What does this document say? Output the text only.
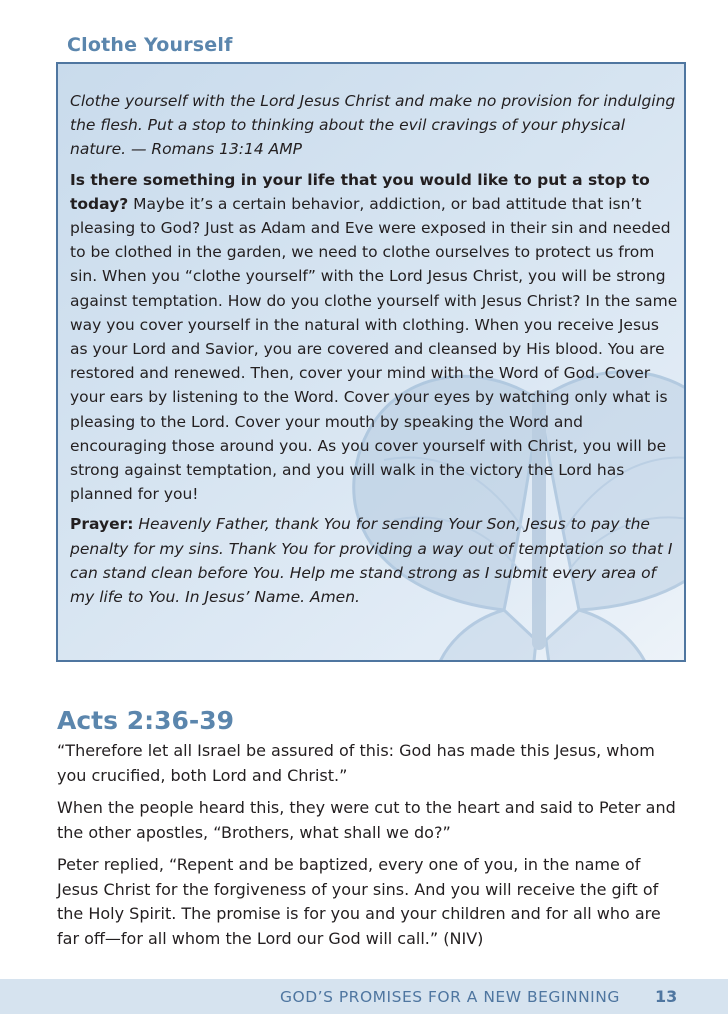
Clothe Yourself

Clothe yourself with the Lord Jesus Christ and make no provision for indulging the flesh. Put a stop to thinking about the evil cravings of your physical nature. — Romans 13:14 AMP

Is there something in your life that you would like to put a stop to today? Maybe it’s a certain behavior, addiction, or bad attitude that isn’t pleasing to God? Just as Adam and Eve were exposed in their sin and needed to be clothed in the garden, we need to clothe ourselves to protect us from sin. When you “clothe yourself” with the Lord Jesus Christ, you will be strong against temptation. How do you clothe yourself with Jesus Christ? In the same way you cover yourself in the natural with clothing. When you receive Jesus as your Lord and Savior, you are covered and cleansed by His blood. You are restored and renewed. Then, cover your mind with the Word of God. Cover your ears by listening to the Word. Cover your eyes by watching only what is pleasing to the Lord. Cover your mouth by speaking the Word and encouraging those around you. As you cover yourself with Christ, you will be strong against temptation, and you will walk in the victory the Lord has planned for you!

Prayer: Heavenly Father, thank You for sending Your Son, Jesus to pay the penalty for my sins. Thank You for providing a way out of temptation so that I can stand clean before You. Help me stand strong as I submit every area of my life to You. In Jesus’ Name. Amen.

Acts 2:36-39

“Therefore let all Israel be assured of this: God has made this Jesus, whom you crucified, both Lord and Christ.”

When the people heard this, they were cut to the heart and said to Peter and the other apostles, “Brothers, what shall we do?”

Peter replied, “Repent and be baptized, every one of you, in the name of Jesus Christ for the forgiveness of your sins. And you will receive the gift of the Holy Spirit. The promise is for you and your children and for all who are far off—for all whom the Lord our God will call.” (NIV)

GOD’S PROMISES FOR A NEW BEGINNING 13
